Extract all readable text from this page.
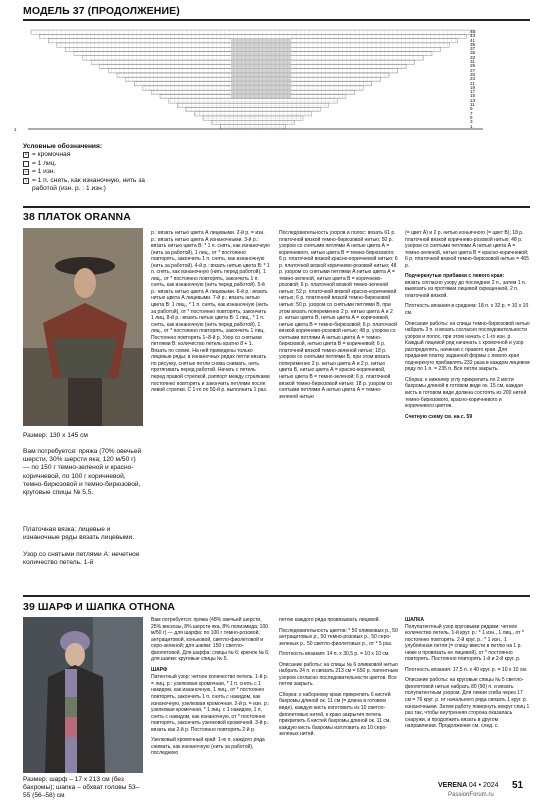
МОДЕЛЬ 37 (ПРОДОЛЖЕНИЕ)
45
43
41
39
37
35
33
31
29
27
25
23
21
19
17
15
13
11
9
7
5
3
1
1
Условные обозначения:
• = кромочная
= 1 лиц.
– = 1 изн.
\ = 1 п. снять, как изнаночную, нить за работой (изн. р. : 1 изн.)
38 ПЛАТОК ORANNA
Размер: 130 х 145 см
Вам потребуется: пряжа (70% овечьей шерсти, 30% шерсти яка; 120 м/50 г) — по 150 г темно-зеленой и красно-коричневой, по 100 г коричневой, темно-бирюзовой и темно-бирюзовой, круговые спицы № 5,5.
Платочная вязка: лицевые и изнаночные ряды вязать лицевыми.
Узор со снятыми петлями А: нечетное количество петель. 1-й
р.: вязать нитью цвета А лицевыми. 2-й р. = изн. р.: вязать нитью цвета А изнаночными. 3-й р.: вязать нитью цвета В: * 1 п. снять, как изнаночную (нить за работой), 1 лиц., от * постоянно повторять, закончить 1 п. снять, как изнаночную (нить за работой). 4-й р.: вязать нитью цвета В: * 1 п. снять, как изнаночную (нить перед работой), 1 лиц., от * постоянно повторять, закончить 1 п. снять, как изнаночную (нить перед работой). 5-й р.: вязать нитью цвета А лицевыми. 6-й р.: вязать нитью цвета А лицевыми. 7-й р.: вязать нитью цвета В: 1 лиц., * 1 п. снять, как изнаночную (нить за работой), от * постоянно повторять, закончить 1 лиц. 8-й р.: вязать нитью цвета В: 1 лиц., * 1 п. снять, как изнаночную (нить перед работой), 1 лиц., от * постоянно повторять, закончить 1 лиц. Постоянно повторять 1–8-й р. Узор со снятыми петлями В: количество петель кратно 8 + 1. Вязать по схеме. На ней приведены только лицевые ряды; в изнаночных рядах петли вязать по рисунку, снятые петли снова снимать, нить протягивать перед работой. Начать с петель перед правой стрелкой, раппорт между стрелками постоянно повторять и закончить петлями после левой стрелки. С 1-го по 50-й р. выполнить 1 раз.
Последовательность узоров и полос: вязать 61 р. платочной вязкой темно-бирюзовой нитью; 50 р. узором со снятыми петлями А нитью цвета А = коричневого, нитью цвета В = темно-бирюзового; 6 р. платочной вязкой красно-коричневой нитью; 6 р. платочной вязкой коричнево-розовой нитью; 48 р. узором со снятыми петлями А нитью цвета А = темно-зеленой, нитью цвета В = коричнево-розовой; 6 р. платочной вязкой темно-зеленой нитью; 52 р. платочной вязкой красно-коричневой нитью; 6 р. платочной вязкой темно-бирюзовой нитью; 50 р. узором со снятыми петлями В, при этом вязать попеременно 2 р. нитью цвета А и 2 р. нитью цвета В, нитью цвета А = коричневой, нитью цвета В = темно-бирюзовой; 6 р. платочной вязкой коричнево-розовой нитью; 48 р. узором со снятыми петлями А нитью цвета А = темно-бирюзовой, нитью цвета В = коричневой; 6 р. платочной вязкой темно-зеленой нитью; 18 р. узором со снятыми петлями В, при этом вязать попеременно 2 р. нитью цвета А и 2 р. нитью цвета В, нитью цвета А = красно-коричневой, нитью цвета В = темно-зеленой; 6 р. платочной вязкой темно-бирюзовой нитью; 18 р. узором со снятыми петлями А нитью цвета А = темно-зеленой нитью

(= цвет А) и 2 р. нитью коньячного (= цвет В); 18 р. платочной вязкой коричнево-розовой нитью; 48 р. узором со снятыми петлями А нитью цвета А = темно-зеленой, нитью цвета В = красно-коричневой; 6 р. платочной вязкой темно-бирюзовой нитью = 465 р.

Подчеркнутые прибавки с левого края:

вязать согласно узору до последних 2 п., затем 1 п. вывязать из протяжки лицевой скрещенной, 2 п. платочной вязкой.

Плотность вязания в среднем: 18 п. х 32 р. = 10 х 10 см.

Описание работы: на спицы темно-бирюзовой нитью набрать 3 п. и вязать согласно последовательности узоров и полос, при этом начать с 1-го изн. р. Каждый лицевой ряд начинать с кромочной и узор распределять, начиная с правого края. Для придания платку заданной формы с левого края подчеркнуто прибавлять 232 раза в каждом лицевом ряду по 1 п. = 235 п. Все петли закрыть.

Сборка: к нижнему углу прикрепить по 2 кисти бахромы длиной в готовом виде ок. 15 см, каждая кисть в готовом виде должна состоять из 200 нитей темно-бирюзового, красно-коричневого и коричневого цветов.

Счетную схему см. на с. 59

39 ШАРФ И ШАПКА OTHONA
Размер: шарф – 17 х 213 см (без бахромы); шапка – обхват головы 53–55 (56–58) см

Вам потребуется: пряжа (48% овечьей шерсти, 25% вискозы, 8% шерсти яка, 8% полиэмида; 100 м/50 г) — для шарфа: по 100 г темно-розовой, антрацитовой, коньковой, светло-фиолетовой и серо-зеленой; для шапки: 150 г светло-фиолетовой. Для шарфа: спицы № 6; крючок № 6; для шапки: круговые спицы № 5.

ШАРФ

Патентный узор: четное количество петель. 1-й р. = лиц. р.: узелковая кромочная, * 1 п. снять с 1 накидом, как изнаночную, 1 лиц., от * постоянно повторять, закончить 1 п. снять с накидом, как изнаночную, узелковая кромочная. 2-й р. = изн. р.: узелковая кромочная, * 1 лиц. с 1 накидом, 1 п. снять с накидом, как изнаночную, от * постоянно повторять, закончить узелковой кромочной. 3-й р.: вязать как 2-й р. Постоянно повторять 2-й р.

Узелковый кромочный край: 1-ю п. каждого ряда снимать, как изнаночную (нить за работой), последнюю

петлю каждого ряда провязывать лицевой.

Последовательность цветов: * 50 оливковых р., 50 антрацитовых р., 50 темно-розовых р., 50 серо-зеленых р., 50 светло-фиолетовых р., от * 5 раз.

Плотность вязания: 14 п. х 30,5 р. = 10 х 10 см.

Описание работы: на спицы № 6 оливковой нитью набрать 24 п. и связать 213 см = 650 р. патентным узором согласно последовательности цветов. Все петли закрыть.

Сборка: к наборному краю прикрепить 6 кистей бахромы длиной ок. 11 см (= длина в готовом виде), каждую кисть изготовить из 10 светло-фиолетовых нитей, к краю закрытия петель прикрепить 6 кистей бахромы длиной ок. 11 см, каждую кисть бахромы изготовить из 10 серо-зеленых нитей.

ШАПКА

Полупатентный узор круговыми рядами: четное количество петель. 1-й круг. р.: * 1 изн., 1 лиц., от * постоянно повторять. 2-й круг. р.: * 1 изн., 1 улублённая петля (= спицу ввести в петлю на 1 р. ниже и провязать ее лицевой), от * постоянно повторять. Постоянно повторять 1-й и 2-й круг. р.

Плотность вязания: 17,5 п. х 40 круг. р. = 10 х 10 см.

Описание работы: на круговые спицы № 5 светло-фиолетовой нитью набрать 80 (90) п. и вязать полупатентным узором. Для линии сгиба через 17 см = 76 круг. р. от начального ряда связать 1 круг. р. изнаночными. Затем работу повернуть вокруг спиц 1 раз так, чтобы внутренняя сторона оказалась снаружи, и продолжить вязать в другом направлении. Продолжение см. след. с.

VERENA 04 • 2024 51
PassionForum.ru
